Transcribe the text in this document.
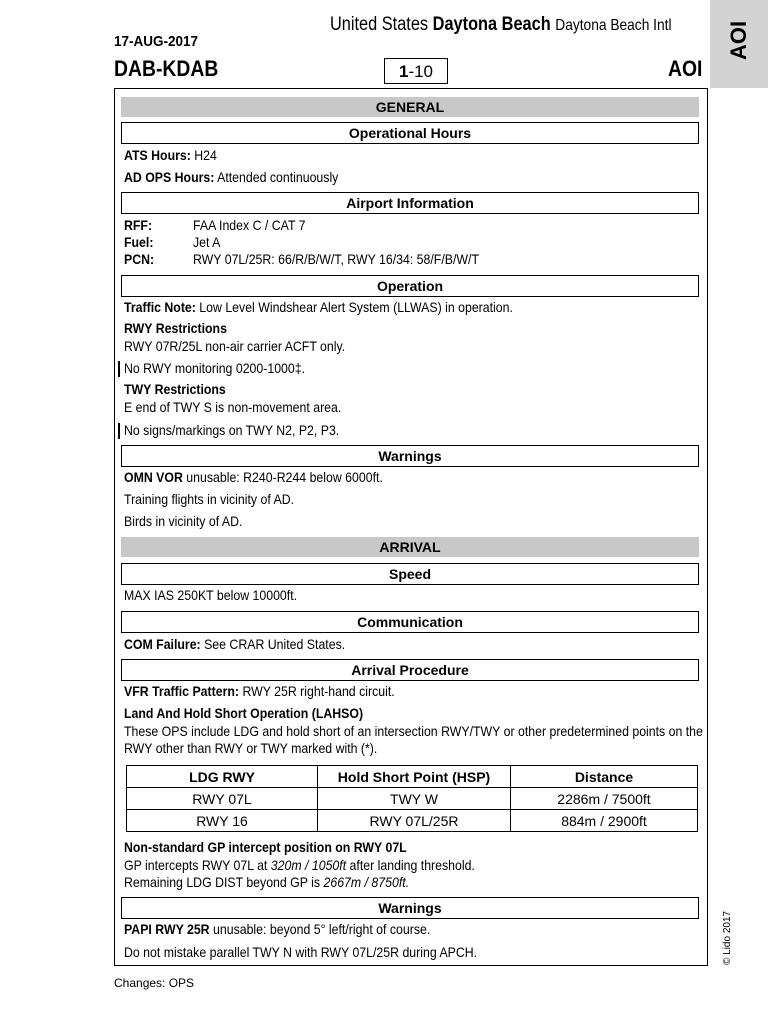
United States Daytona Beach Daytona Beach Intl
17-AUG-2017
DAB-KDAB	1-10	AOI
AOI
GENERAL
Operational Hours
ATS Hours: H24
AD OPS Hours: Attended continuously
Airport Information
RFF:	FAA Index C / CAT 7
Fuel:	Jet A
PCN:	RWY 07L/25R: 66/R/B/W/T, RWY 16/34: 58/F/B/W/T
Operation
Traffic Note: Low Level Windshear Alert System (LLWAS) in operation.
RWY Restrictions
RWY 07R/25L non-air carrier ACFT only.
No RWY monitoring 0200-1000‡.
TWY Restrictions
E end of TWY S is non-movement area.
No signs/markings on TWY N2, P2, P3.
Warnings
OMN VOR unusable: R240-R244 below 6000ft.
Training flights in vicinity of AD.
Birds in vicinity of AD.
ARRIVAL
Speed
MAX IAS 250KT below 10000ft.
Communication
COM Failure: See CRAR United States.
Arrival Procedure
VFR Traffic Pattern: RWY 25R right-hand circuit.
Land And Hold Short Operation (LAHSO)
These OPS include LDG and hold short of an intersection RWY/TWY or other predetermined points on the
RWY other than RWY or TWY marked with (*).
LDG RWY	Hold Short Point (HSP)	Distance
RWY 07L	TWY W	2286m / 7500ft
RWY 16	RWY 07L/25R	884m / 2900ft
Non-standard GP intercept position on RWY 07L
GP intercepts RWY 07L at 320m / 1050ft after landing threshold.
Remaining LDG DIST beyond GP is 2667m / 8750ft.
Warnings
PAPI RWY 25R unusable: beyond 5° left/right of course.
Do not mistake parallel TWY N with RWY 07L/25R during APCH.	© Lido 2017
Changes: OPS
